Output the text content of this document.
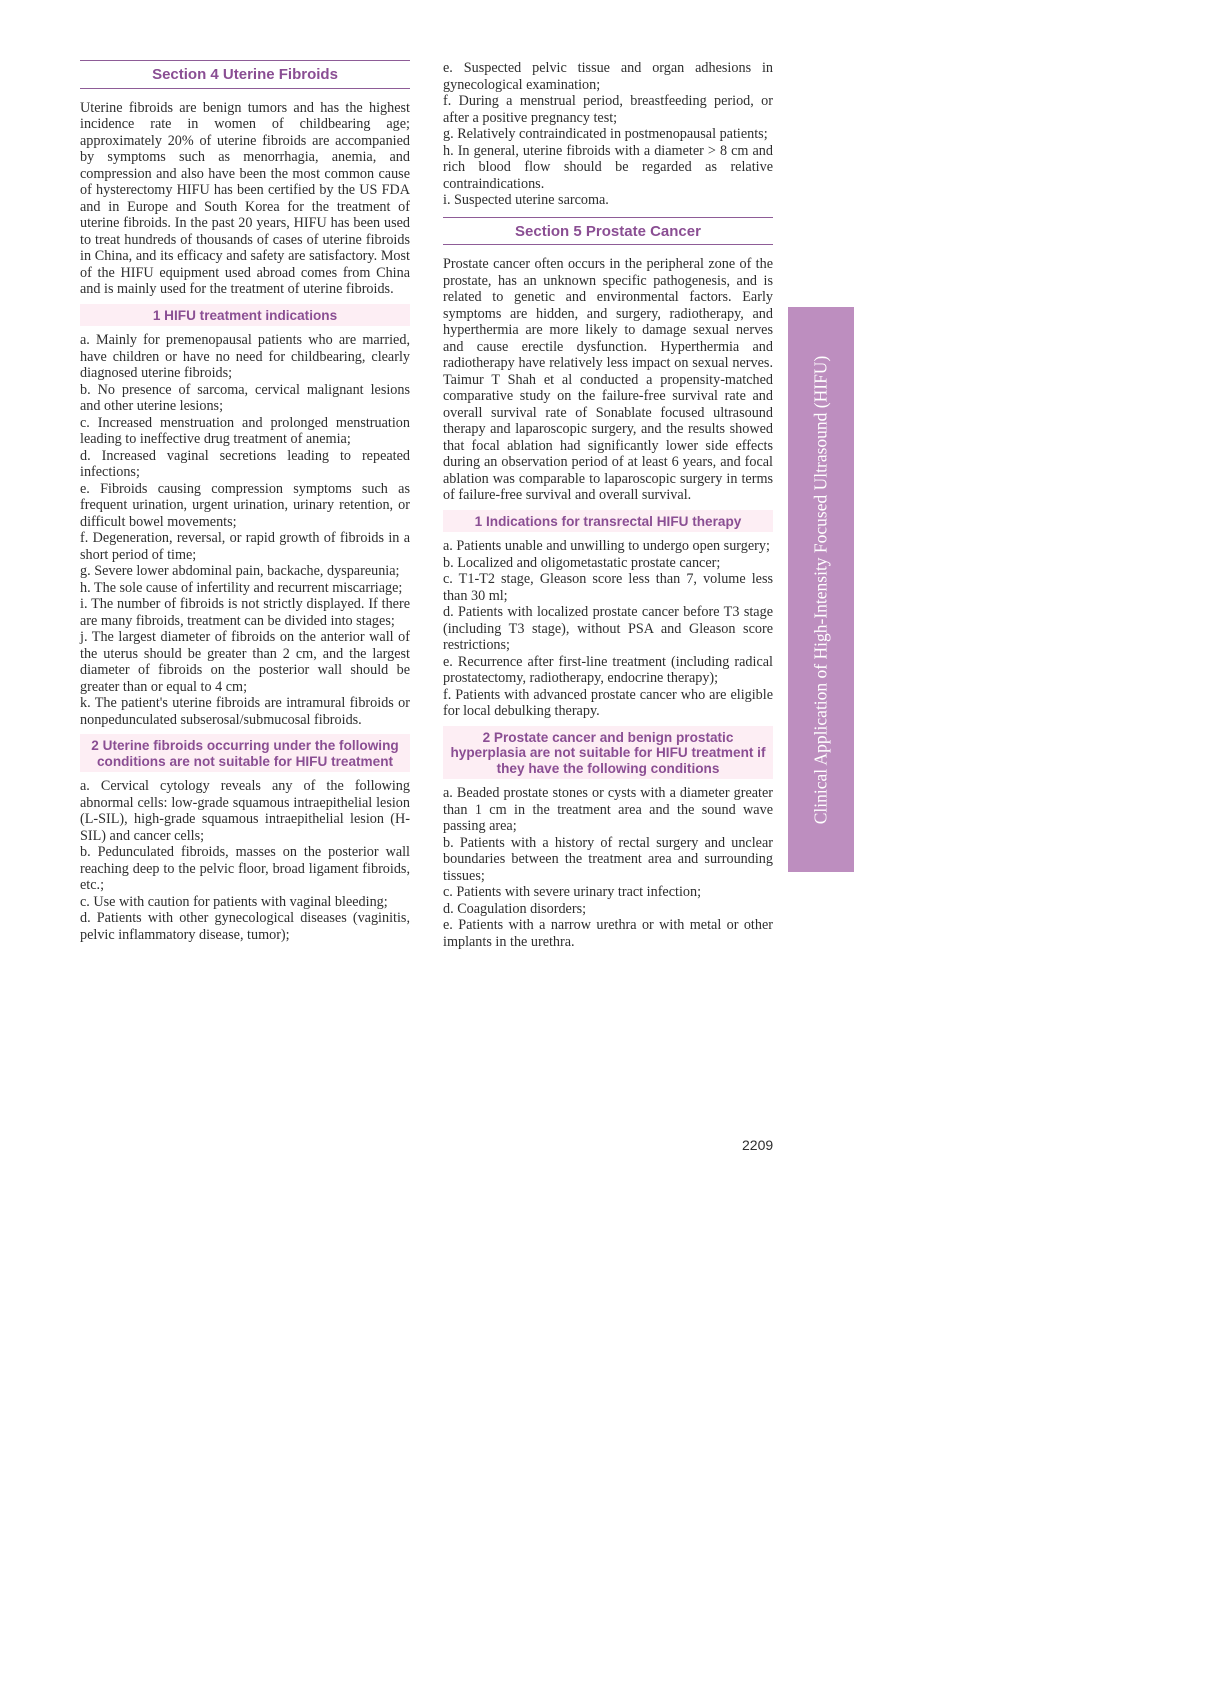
Section 4 Uterine Fibroids

Uterine fibroids are benign tumors and has the highest incidence rate in women of childbearing age; approximately 20% of uterine fibroids are accompanied by symptoms such as menorrhagia, anemia, and compression and also have been the most common cause of hysterectomy HIFU has been certified by the US FDA and in Europe and South Korea for the treatment of uterine fibroids. In the past 20 years, HIFU has been used to treat hundreds of thousands of cases of uterine fibroids in China, and its efficacy and safety are satisfactory. Most of the HIFU equipment used abroad comes from China and is mainly used for the treatment of uterine fibroids.

1 HIFU treatment indications

a. Mainly for premenopausal patients who are married, have children or have no need for childbearing, clearly diagnosed uterine fibroids;

b. No presence of sarcoma, cervical malignant lesions and other uterine lesions;

c. Increased menstruation and prolonged menstruation leading to ineffective drug treatment of anemia;

d. Increased vaginal secretions leading to repeated infections;

e. Fibroids causing compression symptoms such as frequent urination, urgent urination, urinary retention, or difficult bowel movements;

f. Degeneration, reversal, or rapid growth of fibroids in a short period of time;

g. Severe lower abdominal pain, backache, dyspareunia;

h. The sole cause of infertility and recurrent miscarriage;

i. The number of fibroids is not strictly displayed. If there are many fibroids, treatment can be divided into stages;

j. The largest diameter of fibroids on the anterior wall of the uterus should be greater than 2 cm, and the largest diameter of fibroids on the posterior wall should be greater than or equal to 4 cm;

k. The patient's uterine fibroids are intramural fibroids or nonpedunculated subserosal/submucosal fibroids.

2 Uterine fibroids occurring under the following conditions are not suitable for HIFU treatment

a. Cervical cytology reveals any of the following abnormal cells: low-grade squamous intraepithelial lesion (L-SIL), high-grade squamous intraepithelial lesion (H-SIL) and cancer cells;

b. Pedunculated fibroids, masses on the posterior wall reaching deep to the pelvic floor, broad ligament fibroids, etc.;

c. Use with caution for patients with vaginal bleeding;

d. Patients with other gynecological diseases (vaginitis, pelvic inflammatory disease, tumor);

e. Suspected pelvic tissue and organ adhesions in gynecological examination;

f. During a menstrual period, breastfeeding period, or after a positive pregnancy test;

g. Relatively contraindicated in postmenopausal patients;

h. In general, uterine fibroids with a diameter > 8 cm and rich blood flow should be regarded as relative contraindications.

i. Suspected uterine sarcoma.

Section 5 Prostate Cancer

Prostate cancer often occurs in the peripheral zone of the prostate, has an unknown specific pathogenesis, and is related to genetic and environmental factors. Early symptoms are hidden, and surgery, radiotherapy, and hyperthermia are more likely to damage sexual nerves and cause erectile dysfunction. Hyperthermia and radiotherapy have relatively less impact on sexual nerves. Taimur T Shah et al conducted a propensity-matched comparative study on the failure-free survival rate and overall survival rate of Sonablate focused ultrasound therapy and laparoscopic surgery, and the results showed that focal ablation had significantly lower side effects during an observation period of at least 6 years, and focal ablation was comparable to laparoscopic surgery in terms of failure-free survival and overall survival.

1 Indications for transrectal HIFU therapy

a. Patients unable and unwilling to undergo open surgery;

b. Localized and oligometastatic prostate cancer;

c. T1-T2 stage, Gleason score less than 7, volume less than 30 ml;

d. Patients with localized prostate cancer before T3 stage (including T3 stage), without PSA and Gleason score restrictions;

e. Recurrence after first-line treatment (including radical prostatectomy, radiotherapy, endocrine therapy);

f. Patients with advanced prostate cancer who are eligible for local debulking therapy.

2 Prostate cancer and benign prostatic hyperplasia are not suitable for HIFU treatment if they have the following conditions

a. Beaded prostate stones or cysts with a diameter greater than 1 cm in the treatment area and the sound wave passing area;

b. Patients with a history of rectal surgery and unclear boundaries between the treatment area and surrounding tissues;

c. Patients with severe urinary tract infection;

d. Coagulation disorders;

e. Patients with a narrow urethra or with metal or other implants in the urethra.

Clinical Application of High-Intensity Focused Ultrasound (HIFU)
2209
